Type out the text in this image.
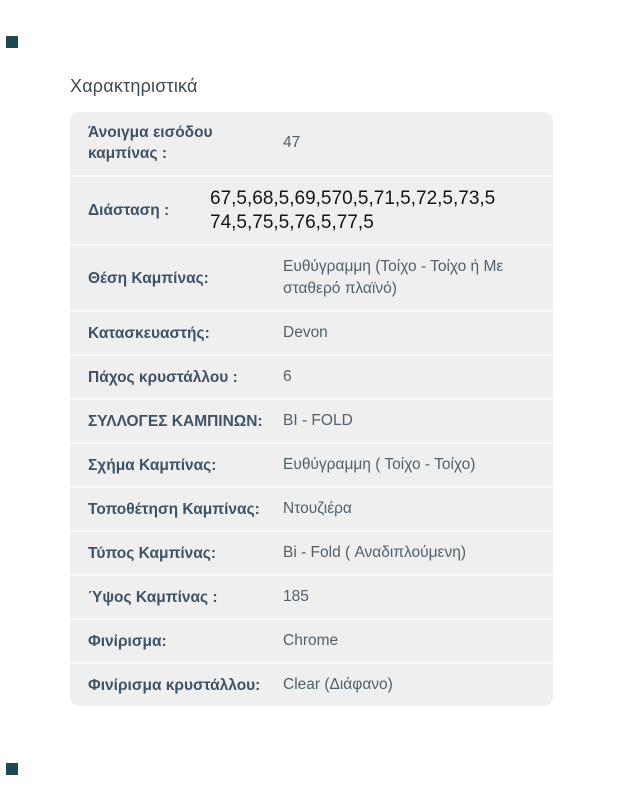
Χαρακτηριστικά
Άνοιγμα εισόδου καμπίνας :
47
Διάσταση :
67,5,68,5,69,570,5,71,5,72,5,73,5 74,5,75,5,76,5,77,5
Θέση Καμπίνας:
Ευθύγραμμη (Τοίχο - Τοίχο ή Με σταθερό πλαϊνό)
Κατασκευαστής:	Devon
Πάχος κρυστάλλου :	6
ΣΥΛΛΟΓΕΣ ΚΑΜΠΙΝΩΝ:	BI - FOLD
Σχήμα Καμπίνας:	Ευθύγραμμη ( Τοίχο - Τοίχο)
Τοποθέτηση Καμπίνας:	Ντουζιέρα
Τύπος Καμπίνας:	Bi - Fold ( Αναδιπλούμενη)
Ύψος Καμπίνας :	185
Φινίρισμα:	Chrome
Φινίρισμα κρυστάλλου:	Clear (Διάφανο)
